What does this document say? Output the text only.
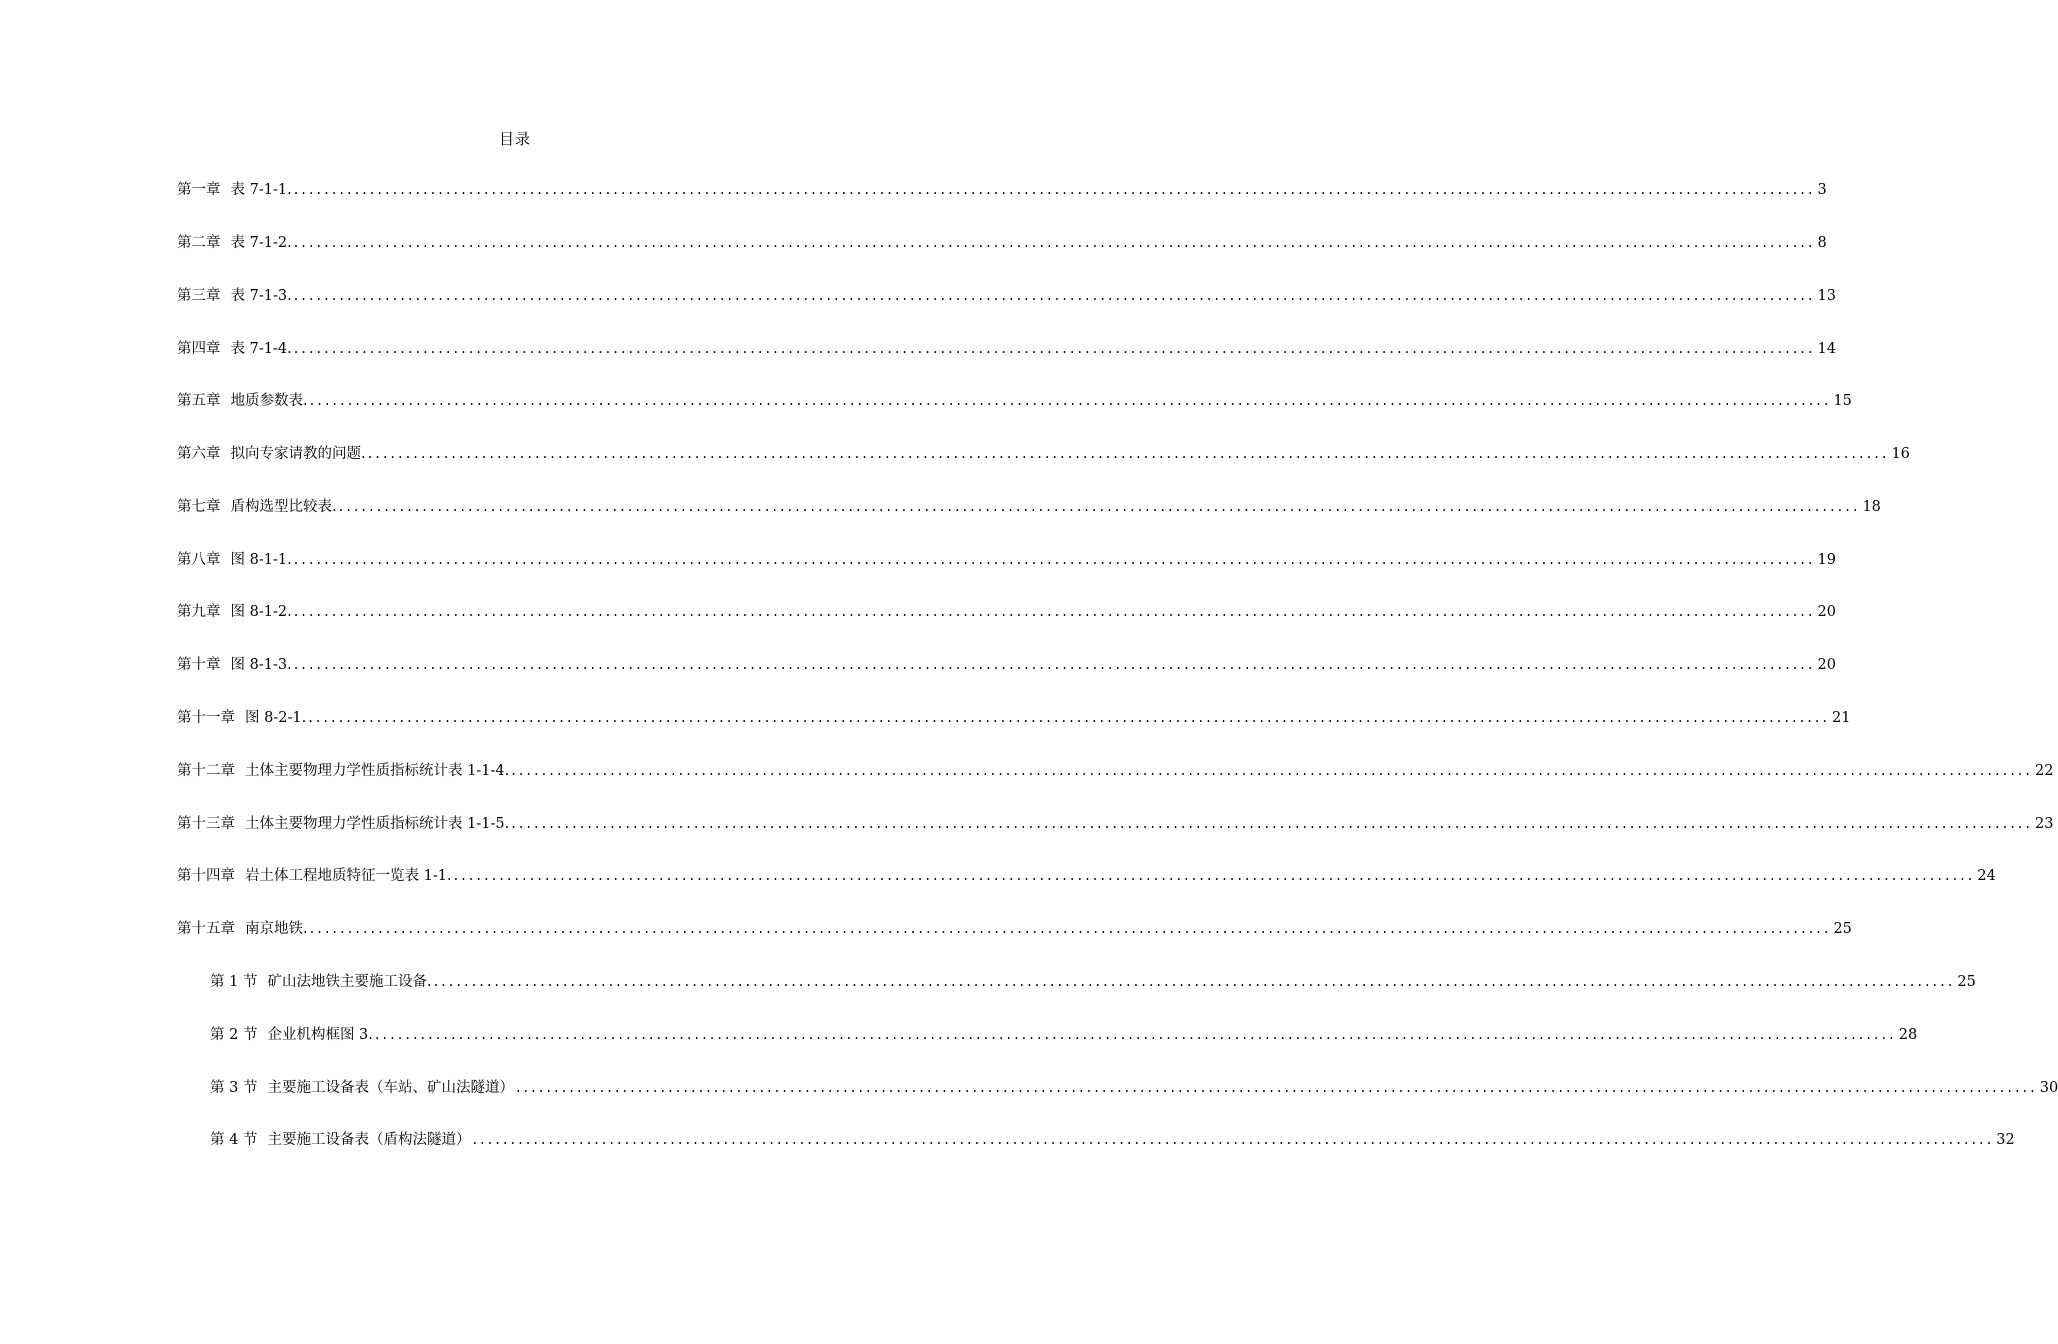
目录
第一章 表 7-1-1. ........................................................................................................................................................................................................ 3
第二章 表 7-1-2. ........................................................................................................................................................................................................ 8
第三章 表 7-1-3. ........................................................................................................................................................................................................ 13
第四章 表 7-1-4. ........................................................................................................................................................................................................ 14
第五章 地质参数表. ........................................................................................................................................................................................................ 15
第六章 拟向专家请教的问题. ........................................................................................................................................................................................................ 16
第七章 盾构选型比较表. ........................................................................................................................................................................................................ 18
第八章 图 8-1-1. ........................................................................................................................................................................................................ 19
第九章 图 8-1-2. ........................................................................................................................................................................................................ 20
第十章 图 8-1-3. ........................................................................................................................................................................................................ 20
第十一章 图 8-2-1. ........................................................................................................................................................................................................ 21
第十二章 土体主要物理力学性质指标统计表 1-1-4. ........................................................................................................................................................................................................ 22
第十三章 土体主要物理力学性质指标统计表 1-1-5. ........................................................................................................................................................................................................ 23
第十四章 岩土体工程地质特征一览表 1-1. ........................................................................................................................................................................................................ 24
第十五章 南京地铁. ........................................................................................................................................................................................................ 25
第 1 节 矿山法地铁主要施工设备. ........................................................................................................................................................................................................ 25
第 2 节 企业机构框图 3. ........................................................................................................................................................................................................ 28
第 3 节 主要施工设备表（车站、矿山法隧道） ........................................................................................................................................................................................................ 30
第 4 节 主要施工设备表（盾构法隧道） ........................................................................................................................................................................................................ 32
